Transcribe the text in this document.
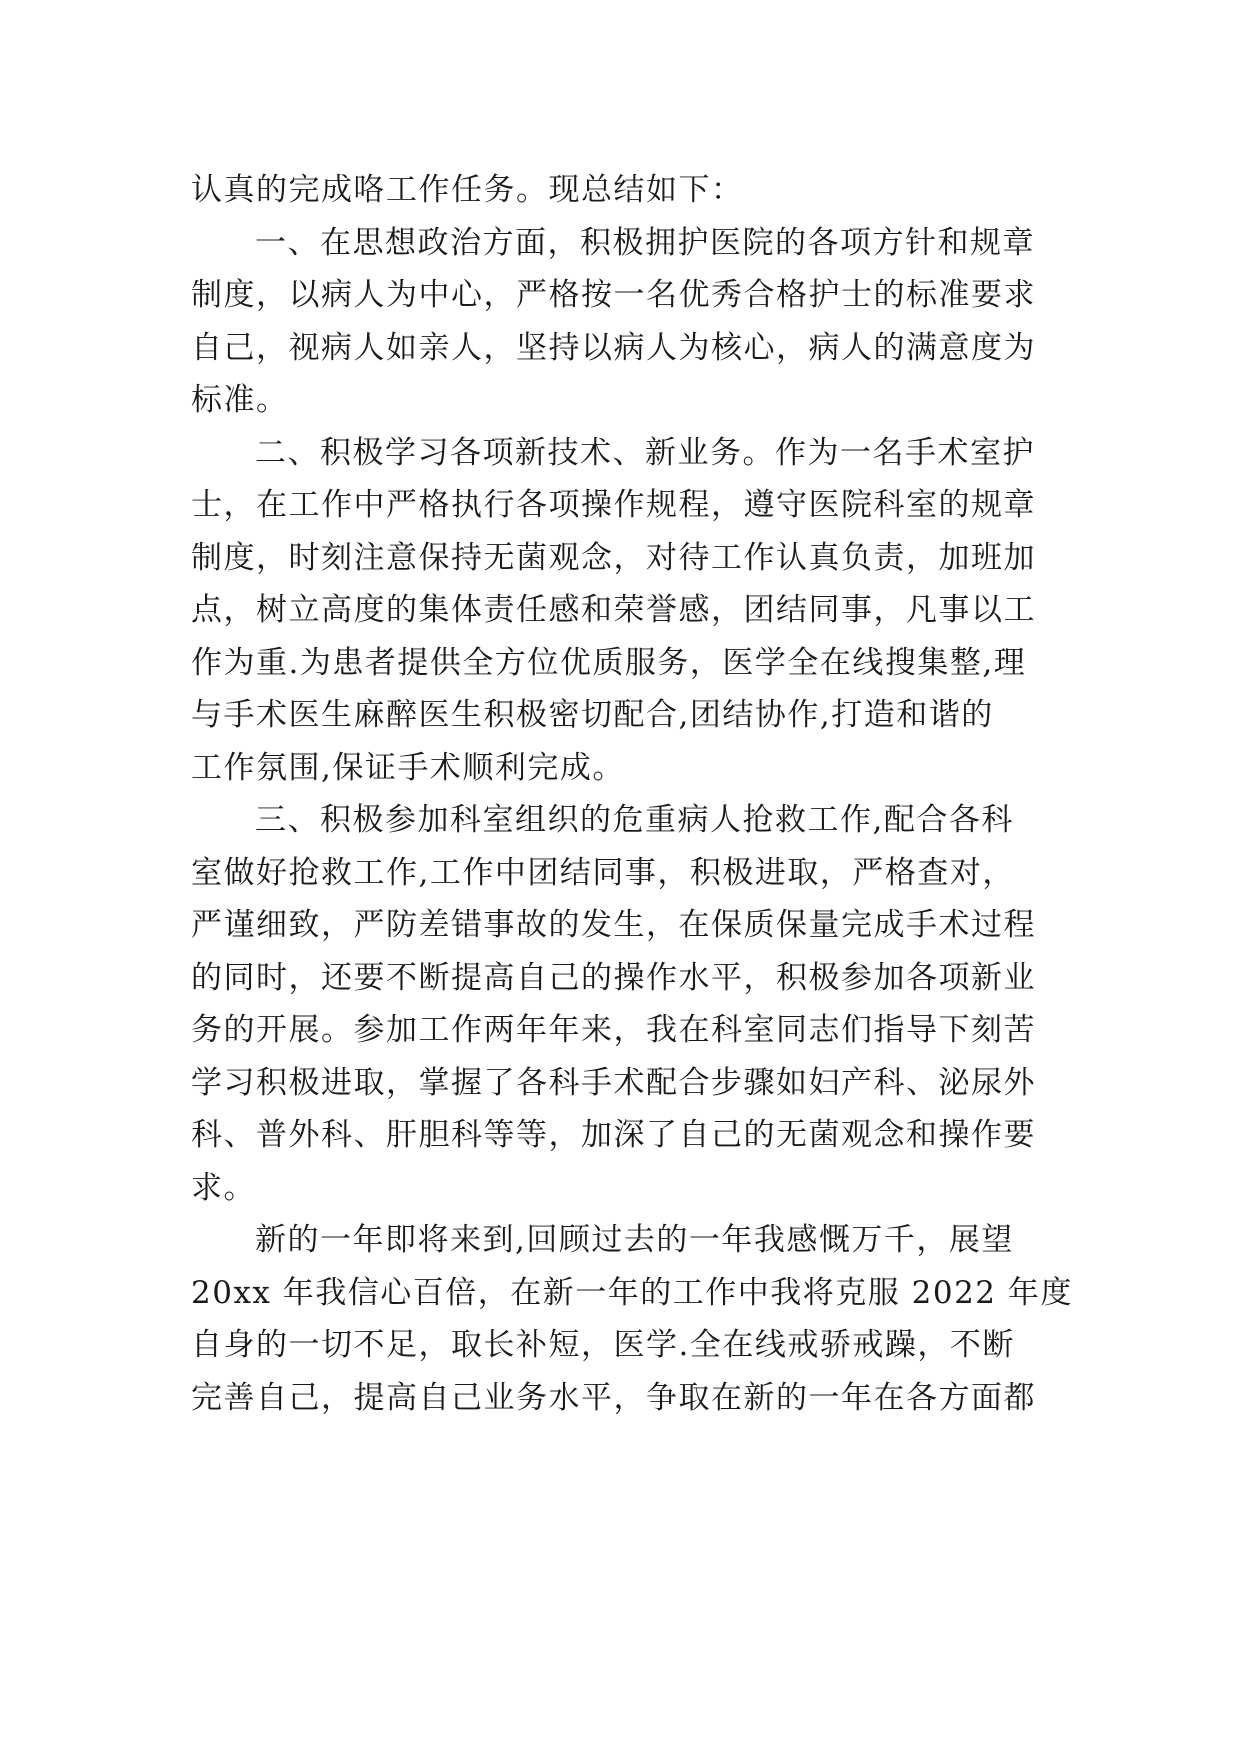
认真的完成咯工作任务。现总结如下：
一、在思想政治方面，积极拥护医院的各项方针和规章
制度，以病人为中心，严格按一名优秀合格护士的标准要求
自己，视病人如亲人，坚持以病人为核心，病人的满意度为
标准。
二、积极学习各项新技术、新业务。作为一名手术室护
士，在工作中严格执行各项操作规程，遵守医院科室的规章
制度，时刻注意保持无菌观念，对待工作认真负责，加班加
点，树立高度的集体责任感和荣誉感，团结同事，凡事以工
作为重.为患者提供全方位优质服务，医学全在线搜集整,理
与手术医生麻醉医生积极密切配合,团结协作,打造和谐的
工作氛围,保证手术顺利完成。
三、积极参加科室组织的危重病人抢救工作,配合各科
室做好抢救工作,工作中团结同事，积极进取，严格查对，
严谨细致，严防差错事故的发生，在保质保量完成手术过程
的同时，还要不断提高自己的操作水平，积极参加各项新业
务的开展。参加工作两年年来，我在科室同志们指导下刻苦
学习积极进取，掌握了各科手术配合步骤如妇产科、泌尿外
科、普外科、肝胆科等等，加深了自己的无菌观念和操作要
求。
新的一年即将来到,回顾过去的一年我感慨万千，展望
20xx 年我信心百倍，在新一年的工作中我将克服 2022 年度
自身的一切不足，取长补短，医学.全在线戒骄戒躁，不断
完善自己，提高自己业务水平，争取在新的一年在各方面都
